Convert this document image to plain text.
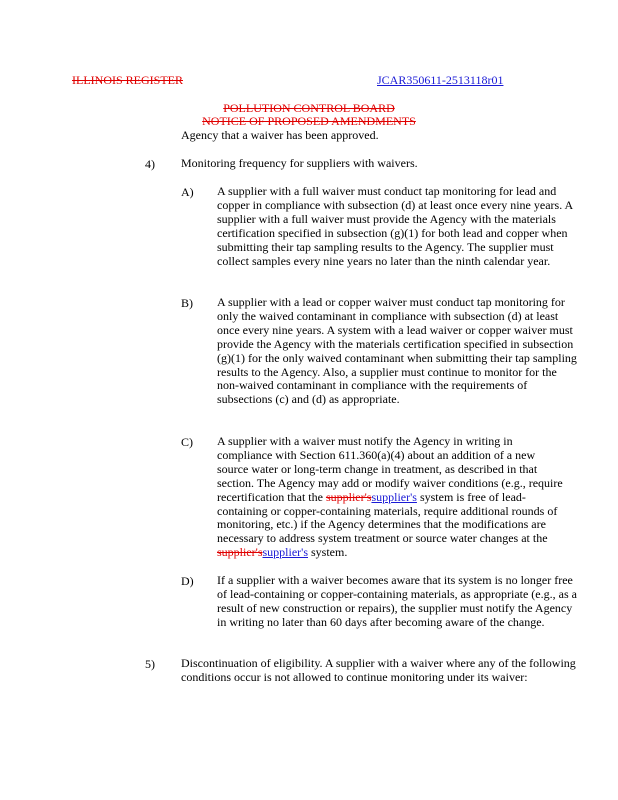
ILLINOIS REGISTER	JCAR350611-2513118r01
POLLUTION CONTROL BOARD
NOTICE OF PROPOSED AMENDMENTS
Agency that a waiver has been approved.
4) Monitoring frequency for suppliers with waivers.
A) A supplier with a full waiver must conduct tap monitoring for lead and copper in compliance with subsection (d) at least once every nine years. A supplier with a full waiver must provide the Agency with the materials certification specified in subsection (g)(1) for both lead and copper when submitting their tap sampling results to the Agency. The supplier must collect samples every nine years no later than the ninth calendar year.
B) A supplier with a lead or copper waiver must conduct tap monitoring for only the waived contaminant in compliance with subsection (d) at least once every nine years. A system with a lead waiver or copper waiver must provide the Agency with the materials certification specified in subsection (g)(1) for the only waived contaminant when submitting their tap sampling results to the Agency. Also, a supplier must continue to monitor for the non-waived contaminant in compliance with the requirements of subsections (c) and (d) as appropriate.
C) A supplier with a waiver must notify the Agency in writing in compliance with Section 611.360(a)(4) about an addition of a new source water or long-term change in treatment, as described in that section. The Agency may add or modify waiver conditions (e.g., require recertification that the supplier'ssupplier's system is free of lead-containing or copper-containing materials, require additional rounds of monitoring, etc.) if the Agency determines that the modifications are necessary to address system treatment or source water changes at the supplier'ssupplier's system.
D) If a supplier with a waiver becomes aware that its system is no longer free of lead-containing or copper-containing materials, as appropriate (e.g., as a result of new construction or repairs), the supplier must notify the Agency in writing no later than 60 days after becoming aware of the change.
5) Discontinuation of eligibility. A supplier with a waiver where any of the following conditions occur is not allowed to continue monitoring under its waiver:
